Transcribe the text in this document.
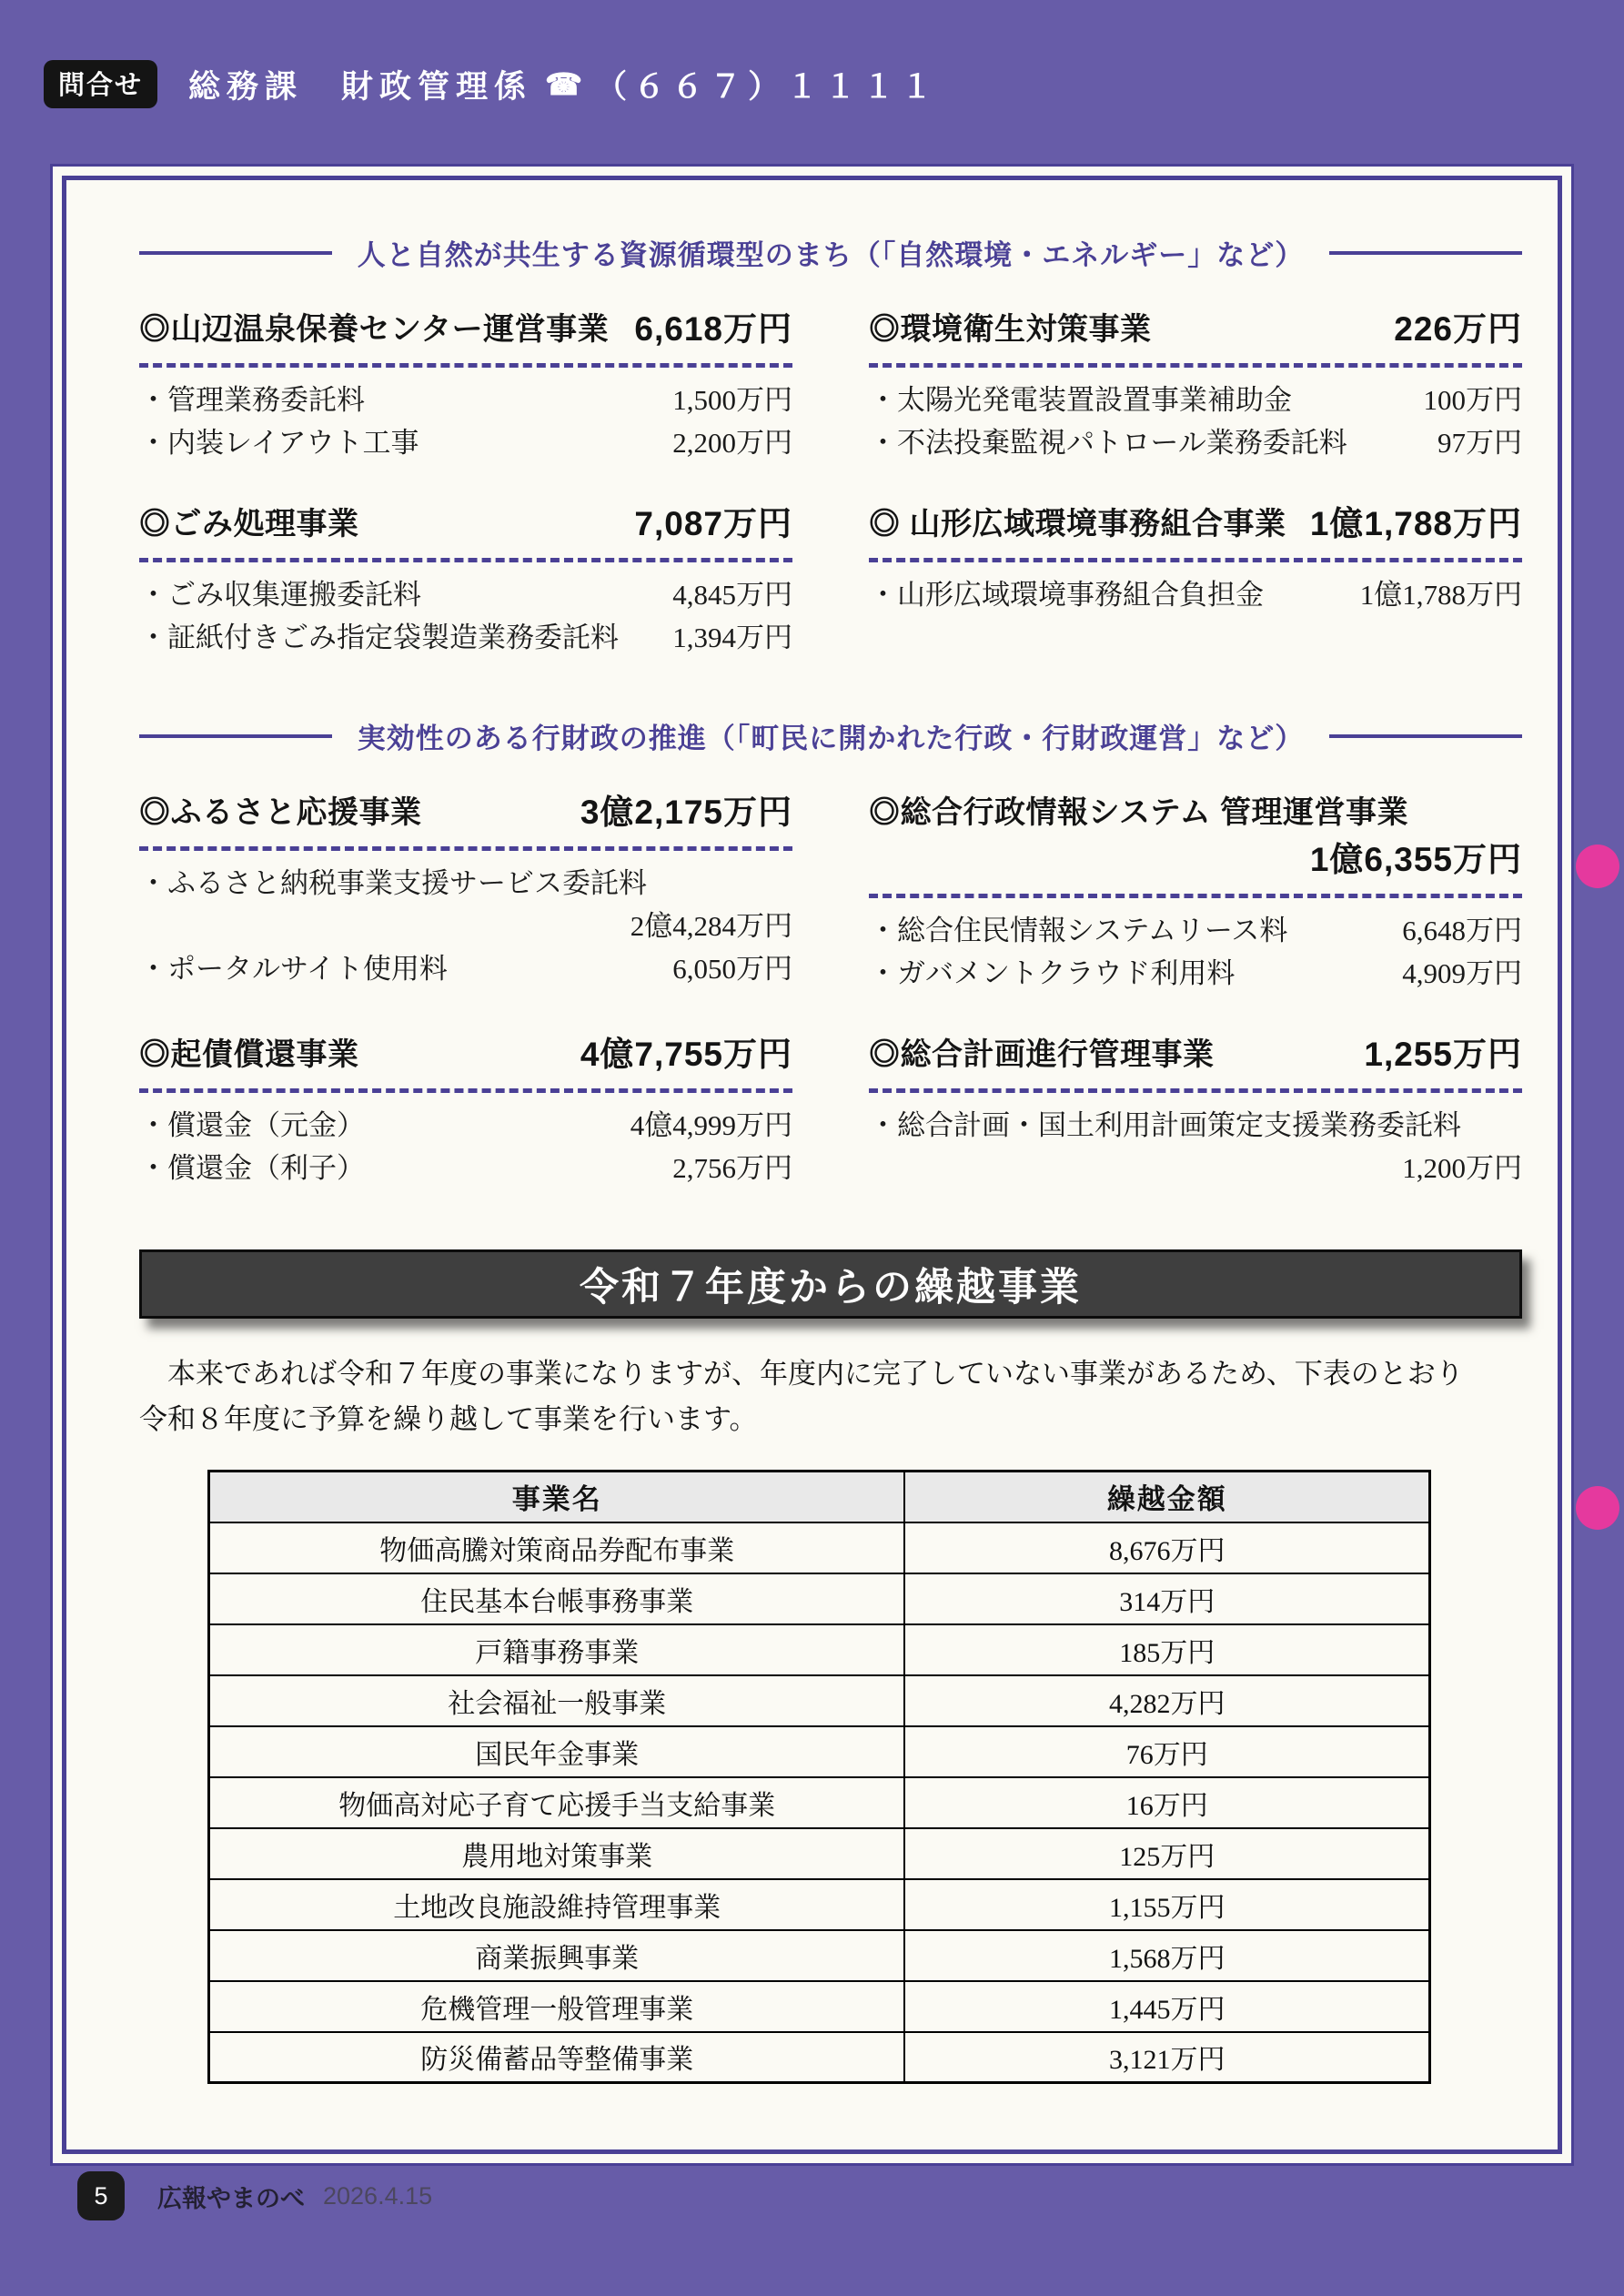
問合せ	総務課　財政管理係 ☎ （６６７）１１１１
人と自然が共生する資源循環型のまち（「自然環境・エネルギー」など）
◎山辺温泉保養センター運営事業 6,618万円
・管理業務委託料	1,500万円
・内装レイアウト工事	2,200万円
◎環境衛生対策事業	226万円
・太陽光発電装置設置事業補助金	100万円
・不法投棄監視パトロール業務委託料	97万円
◎ごみ処理事業	7,087万円
・ごみ収集運搬委託料	4,845万円
・証紙付きごみ指定袋製造業務委託料 1,394万円
◎ 山形広域環境事務組合事業 1億1,788万円
・山形広域環境事務組合負担金	1億1,788万円
実効性のある行財政の推進（「町民に開かれた行政・行財政運営」など）
◎ふるさと応援事業	3億2,175万円
・ふるさと納税事業支援サービス委託料
2億4,284万円
・ポータルサイト使用料	6,050万円
◎総合行政情報システム 管理運営事業
1億6,355万円
・総合住民情報システムリース料	6,648万円
・ガバメントクラウド利用料	4,909万円
◎起債償還事業	4億7,755万円
・償還金（元金）	4億4,999万円
・償還金（利子）	2,756万円
◎総合計画進行管理事業	1,255万円
・総合計画・国土利用計画策定支援業務委託料
1,200万円
令和７年度からの繰越事業
　本来であれば令和７年度の事業になりますが、年度内に完了していない事業があるため、下表のとおり
令和８年度に予算を繰り越して事業を行います。
事業名	繰越金額
物価高騰対策商品券配布事業	8,676万円
住民基本台帳事務事業	314万円
戸籍事務事業	185万円
社会福祉一般事業	4,282万円
国民年金事業	76万円
物価高対応子育て応援手当支給事業	16万円
農用地対策事業	125万円
土地改良施設維持管理事業	1,155万円
商業振興事業	1,568万円
危機管理一般管理事業	1,445万円
防災備蓄品等整備事業	3,121万円
5	広報やまのべ 2026.4.15
